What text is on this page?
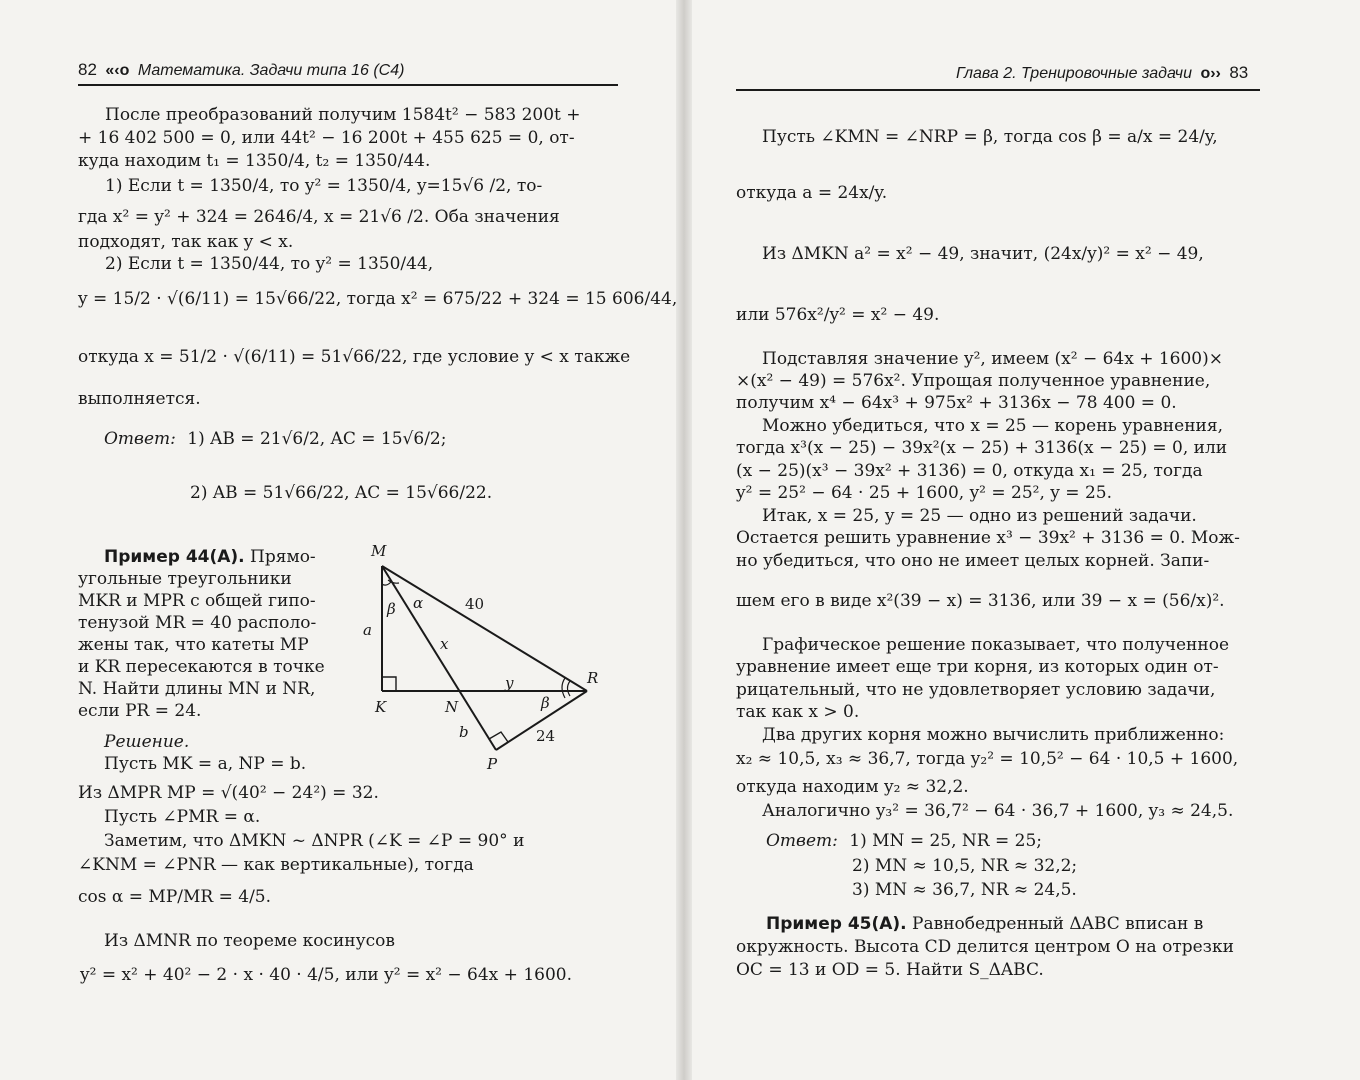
82 «‹o Математика. Задачи типа 16 (С4)
После преобразований получим 1584t² − 583 200t +
+ 16 402 500 = 0, или 44t² − 16 200t + 455 625 = 0, от-
куда находим t₁ = 1350/4, t₂ = 1350/44.
1) Если t = 1350/4, то y² = 1350/4, y=15√6 /2, то-
гда x² = y² + 324 = 2646/4, x = 21√6 /2. Оба значения
подходят, так как y < x.
2) Если t = 1350/44, то y² = 1350/44,
y = 15/2 · √(6/11) = 15√66/22, тогда x² = 675/22 + 324 = 15 606/44,
откуда x = 51/2 · √(6/11) = 51√66/22, где условие y < x также
выполняется.
Ответ: 1) AB = 21√6/2, AC = 15√6/2;
2) AB = 51√66/22, AC = 15√66/22.
Пример 44(А). Прямо-
угольные треугольники
MKR и MPR с общей гипо-
тенузой MR = 40 располо-
жены так, что катеты MP
и KR пересекаются в точке
N. Найти длины MN и NR,
если PR = 24.
Решение.
Пусть MK = a, NP = b.
Из ΔMPR MP = √(40² − 24²) = 32.
Пусть ∠PMR = α.
Заметим, что ΔMKN ~ ΔNPR (∠K = ∠P = 90° и
∠KNM = ∠PNR — как вертикальные), тогда
cos α = MP/MR = 4/5.
Из ΔMNR по теореме косинусов
y² = x² + 40² − 2 · x · 40 · 4/5, или y² = x² − 64x + 1600.
M
K	N
R
P
a
b
x
y
40
24
α
β
β
Глава 2. Тренировочные задачи o›› 83
Пусть ∠KMN = ∠NRP = β, тогда cos β = a/x = 24/y,
откуда a = 24x/y.
Из ΔMKN a² = x² − 49, значит, (24x/y)² = x² − 49,
или 576x²/y² = x² − 49.
Подставляя значение y², имеем (x² − 64x + 1600)×
×(x² − 49) = 576x². Упрощая полученное уравнение,
получим x⁴ − 64x³ + 975x² + 3136x − 78 400 = 0.
Можно убедиться, что x = 25 — корень уравнения,
тогда x³(x − 25) − 39x²(x − 25) + 3136(x − 25) = 0, или
(x − 25)(x³ − 39x² + 3136) = 0, откуда x₁ = 25, тогда
y² = 25² − 64 · 25 + 1600, y² = 25², y = 25.
Итак, x = 25, y = 25 — одно из решений задачи.
Остается решить уравнение x³ − 39x² + 3136 = 0. Мож-
но убедиться, что оно не имеет целых корней. Запи-
шем его в виде x²(39 − x) = 3136, или 39 − x = (56/x)².
Графическое решение показывает, что полученное
уравнение имеет еще три корня, из которых один от-
рицательный, что не удовлетворяет условию задачи,
так как x > 0.
Два других корня можно вычислить приближенно:
x₂ ≈ 10,5, x₃ ≈ 36,7, тогда y₂² = 10,5² − 64 · 10,5 + 1600,
откуда находим y₂ ≈ 32,2.
Аналогично y₃² = 36,7² − 64 · 36,7 + 1600, y₃ ≈ 24,5.
Ответ: 1) MN = 25, NR = 25;
2) MN ≈ 10,5, NR ≈ 32,2;
3) MN ≈ 36,7, NR ≈ 24,5.
Пример 45(А). Равнобедренный ΔABC вписан в
окружность. Высота CD делится центром O на отрезки
OC = 13 и OD = 5. Найти S_ΔABC.
